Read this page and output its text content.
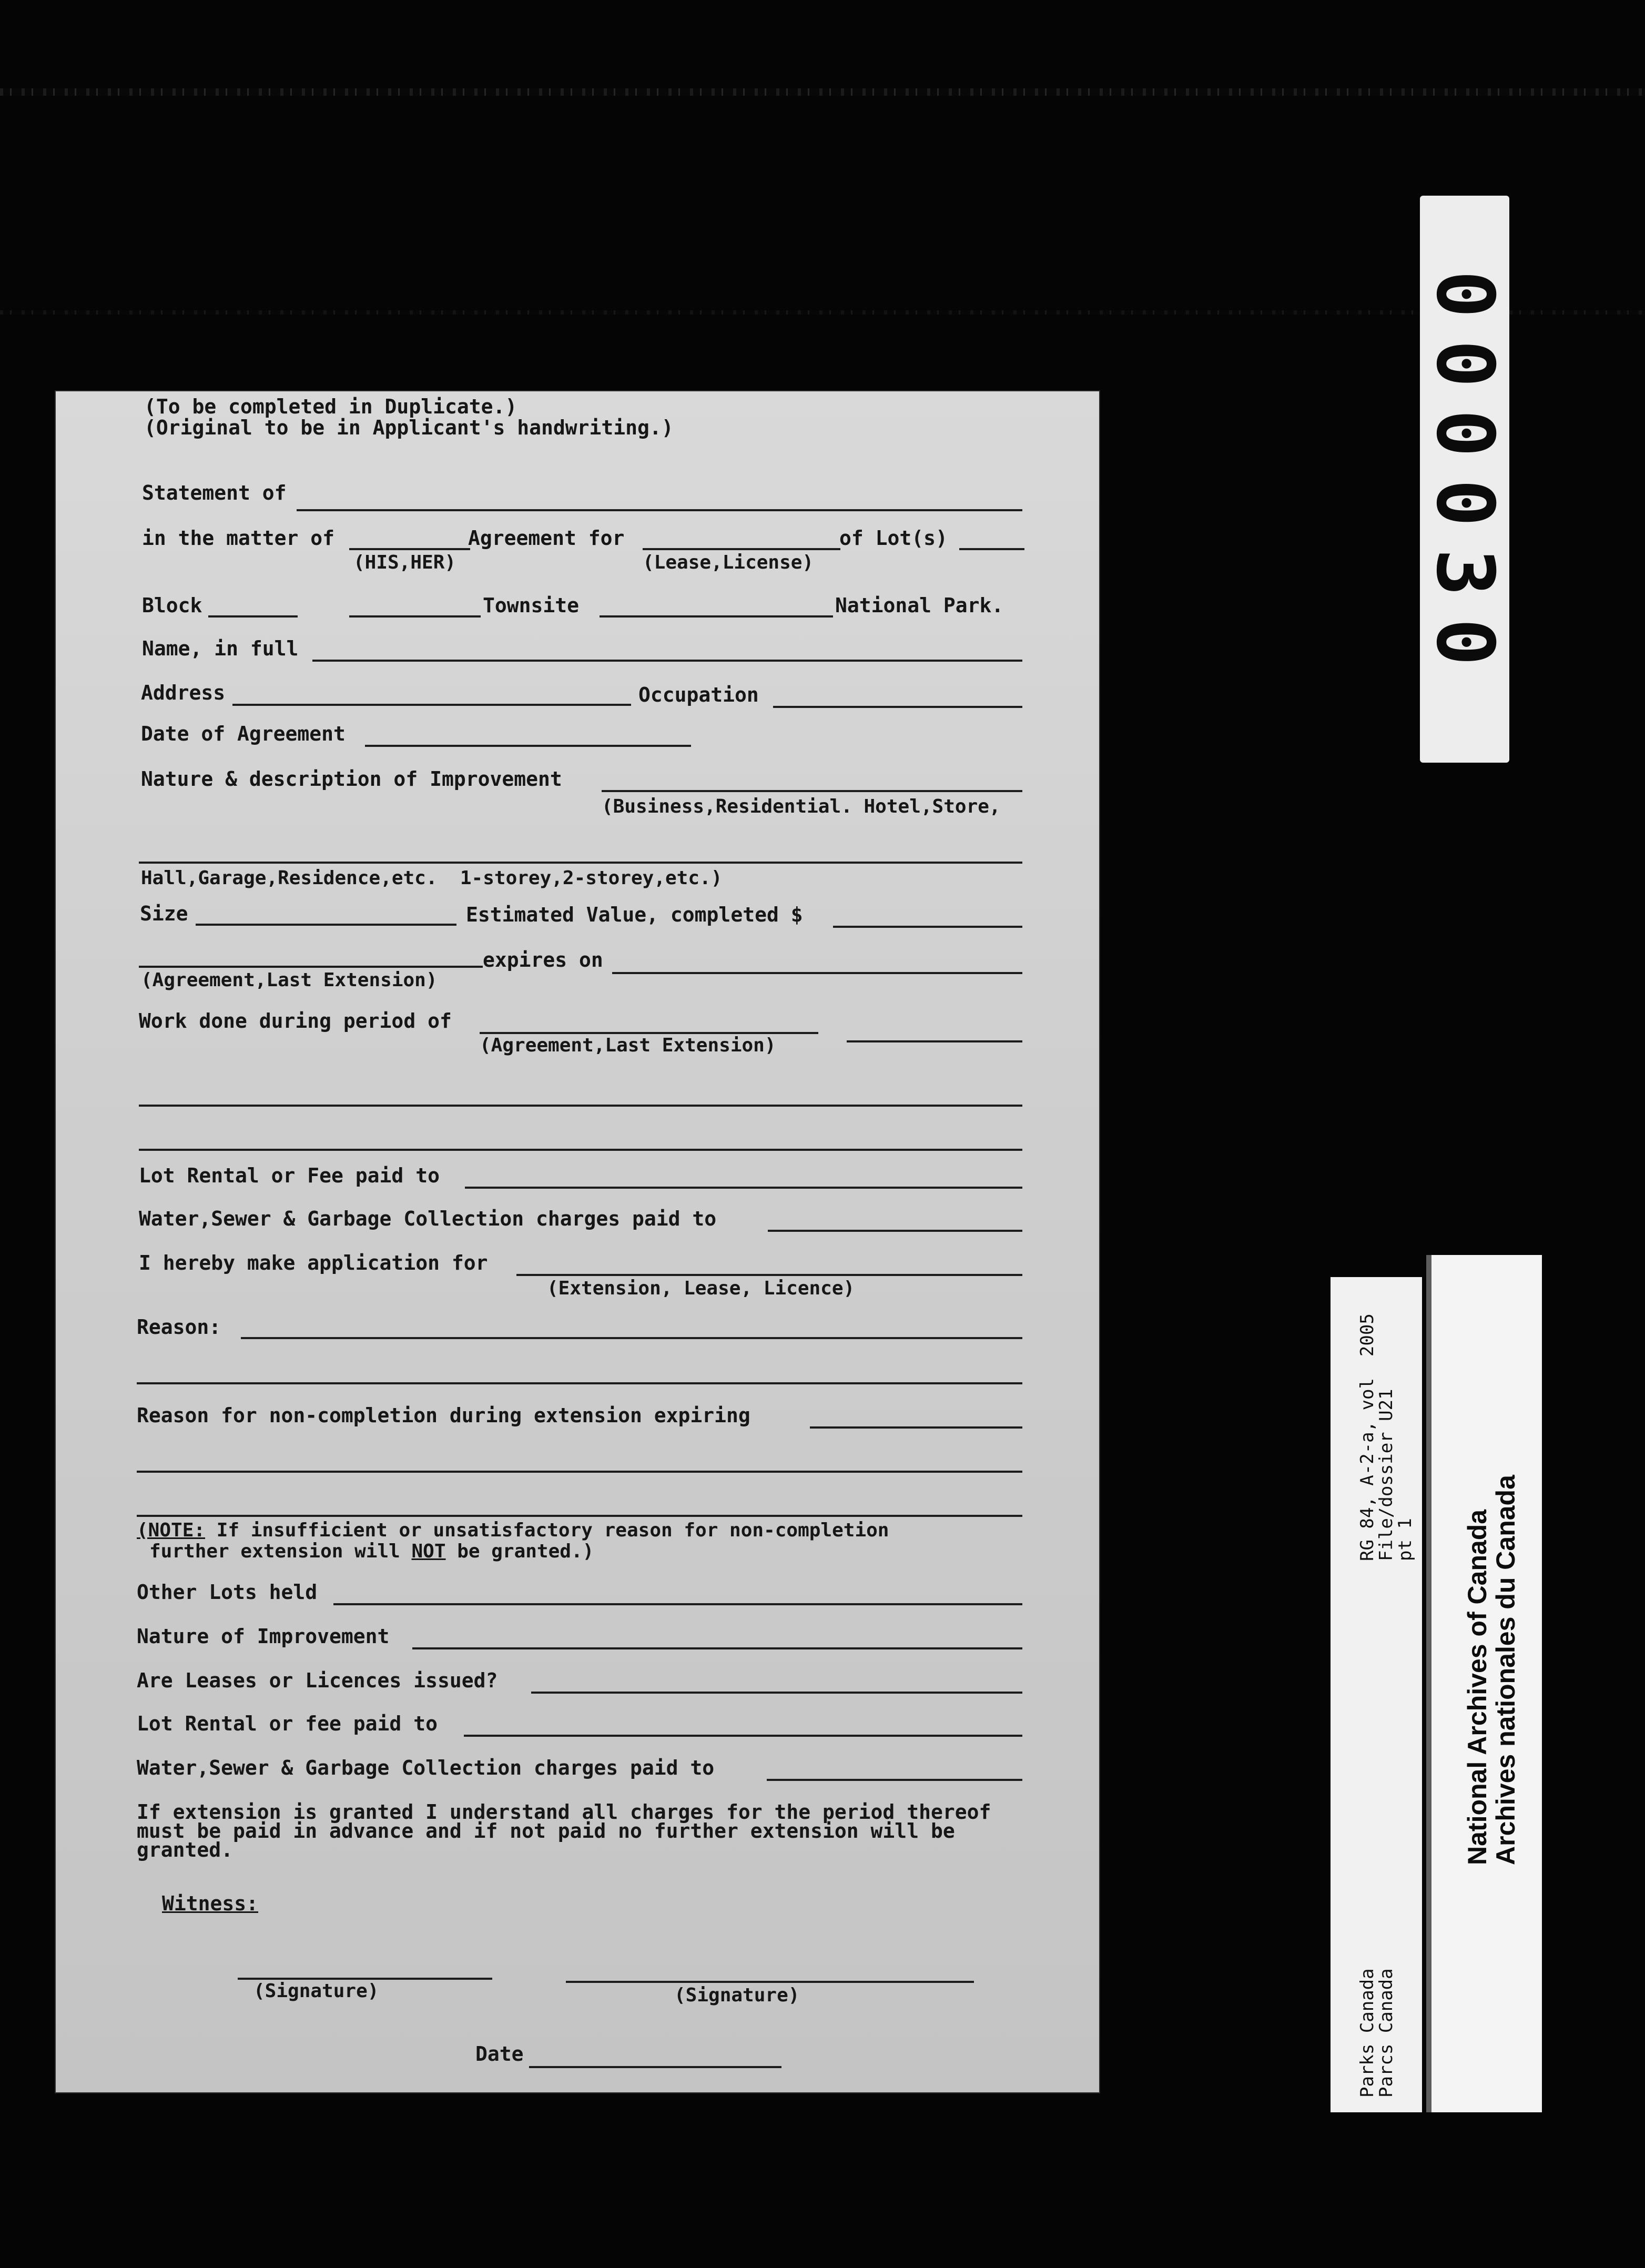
(To be completed in Duplicate.)
(Original to be in Applicant's handwriting.)
Statement of
in the matter of
(HIS,HER)
Agreement for
(Lease,License)
of Lot(s)
Block	Townsite	National Park.
Name, in full
Address	Occupation
Date of Agreement
Nature & description of Improvement
(Business,Residential. Hotel,Store,
Hall,Garage,Residence,etc.  1-storey,2-storey,etc.)
Size	Estimated Value, completed $
(Agreement,Last Extension)
expires on
Work done during period of
(Agreement,Last Extension)
Lot Rental or Fee paid to
Water,Sewer & Garbage Collection charges paid to
I hereby make application for
(Extension, Lease, Licence)
Reason:
Reason for non-completion during extension expiring
(NOTE: If insufficient or unsatisfactory reason for non-completion
further extension will NOT be granted.)
Other Lots held
Nature of Improvement
Are Leases or Licences issued?
Lot Rental or fee paid to
Water,Sewer & Garbage Collection charges paid to
If extension is granted I understand all charges for the period thereof
must be paid in advance and if not paid no further extension will be
granted.
Witness:
(Signature)	(Signature)
Date
000030
RG 84, A-2-a, vol  2005
File/dossier U21
pt 1
Parks Canada
Parcs Canada
National Archives of Canada
Archives nationales du Canada
